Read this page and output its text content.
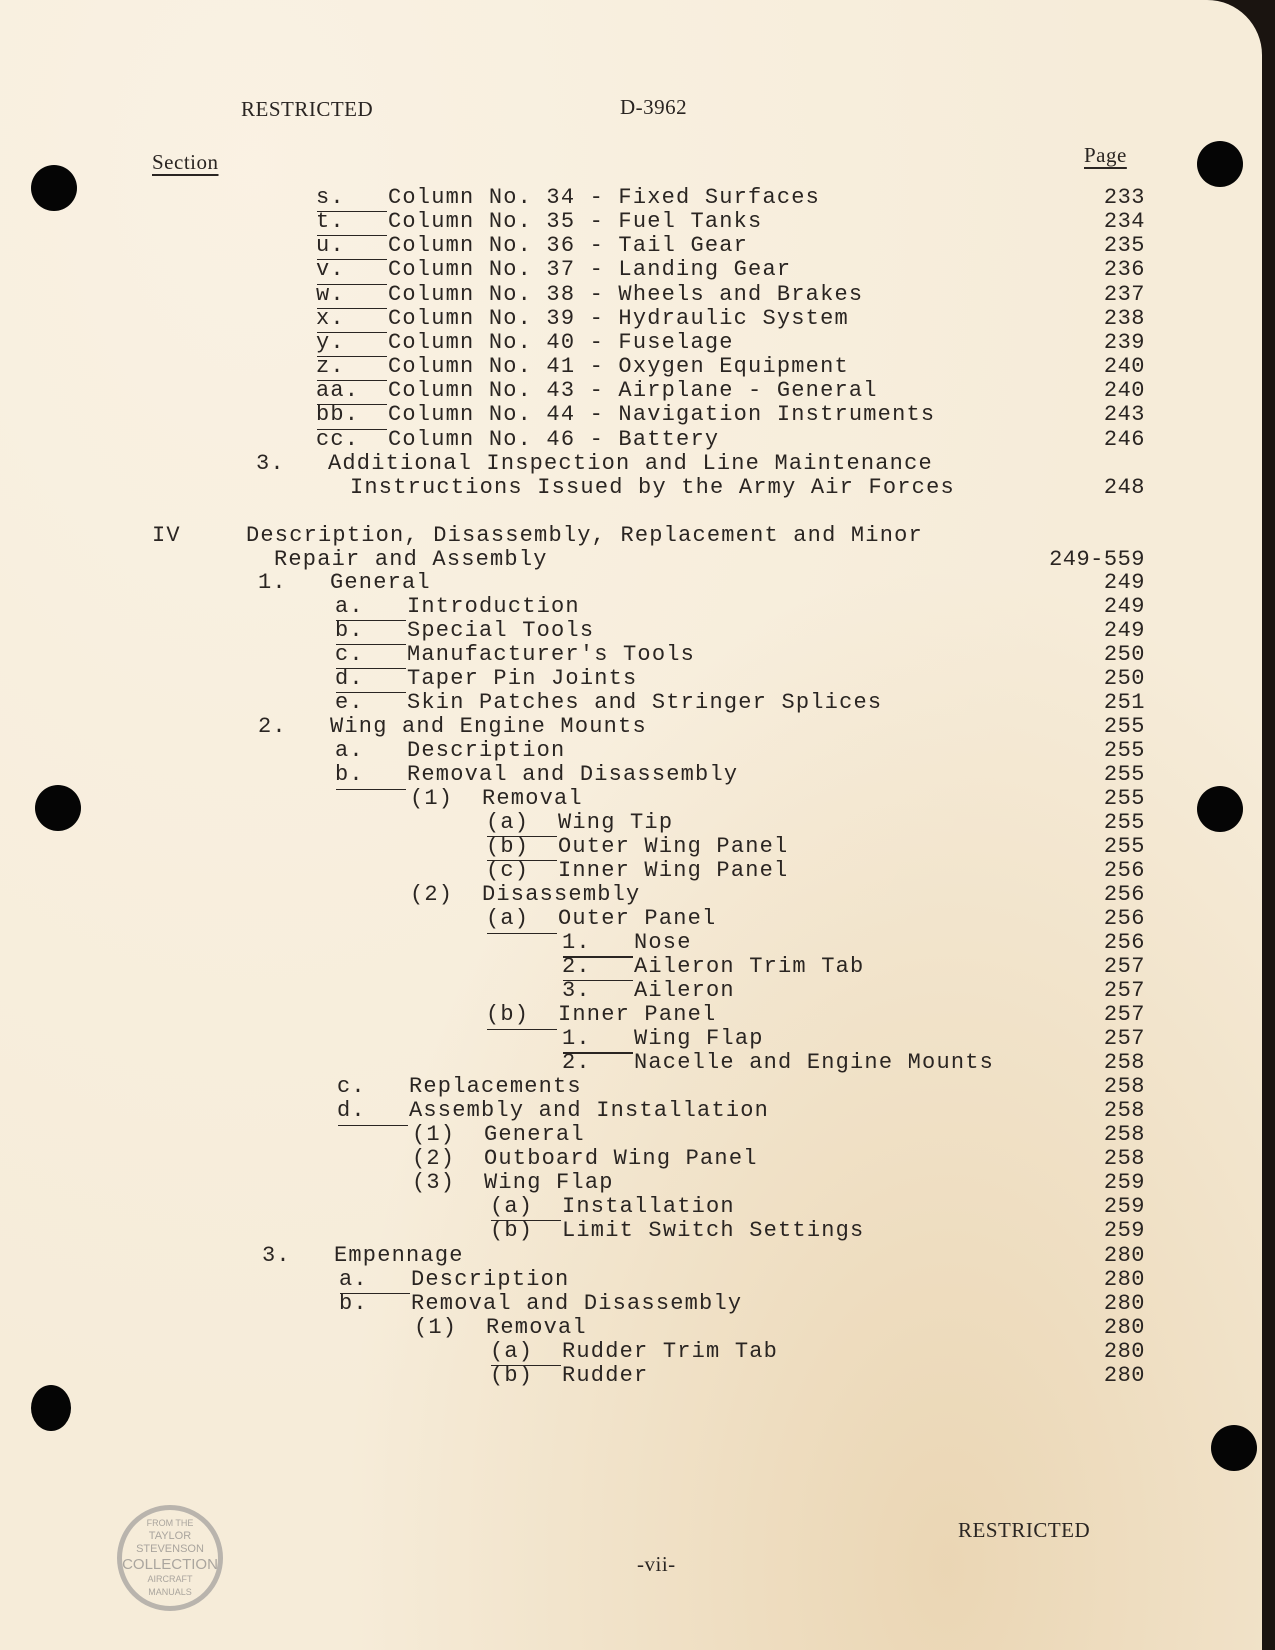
RESTRICTED	D-3962
Section	Page
s. Column No. 34 - Fixed Surfaces	233
t. Column No. 35 - Fuel Tanks	234
u. Column No. 36 - Tail Gear	235
v. Column No. 37 - Landing Gear	236
w. Column No. 38 - Wheels and Brakes	237
x. Column No. 39 - Hydraulic System	238
y. Column No. 40 - Fuselage	239
z. Column No. 41 - Oxygen Equipment	240
aa. Column No. 43 - Airplane - General	240
bb. Column No. 44 - Navigation Instruments	243
cc. Column No. 46 - Battery	246
3. Additional Inspection and Line Maintenance
Instructions Issued by the Army Air Forces	248
IV	Description, Disassembly, Replacement and Minor
Repair and Assembly	249-559
1. General	249
a. Introduction	249
b. Special Tools	249
c. Manufacturer's Tools	250
d. Taper Pin Joints	250
e. Skin Patches and Stringer Splices	251
2. Wing and Engine Mounts	255
a. Description	255
b. Removal and Disassembly	255
(1) Removal	255
(a) Wing Tip	255
(b) Outer Wing Panel	255
(c) Inner Wing Panel	256
(2) Disassembly	256
(a) Outer Panel	256
1. Nose	256
2. Aileron Trim Tab	257
3. Aileron	257
(b) Inner Panel	257
1. Wing Flap	257
2. Nacelle and Engine Mounts	258
c. Replacements	258
d. Assembly and Installation	258
(1) General	258
(2) Outboard Wing Panel	258
(3) Wing Flap	259
(a) Installation	259
(b) Limit Switch Settings	259
3. Empennage	280
a. Description	280
b. Removal and Disassembly	280
(1) Removal	280
(a) Rudder Trim Tab	280
(b) Rudder	280
RESTRICTED
-vii-
FROM THE
TAYLOR
STEVENSON
COLLECTION
AIRCRAFT
MANUALS
